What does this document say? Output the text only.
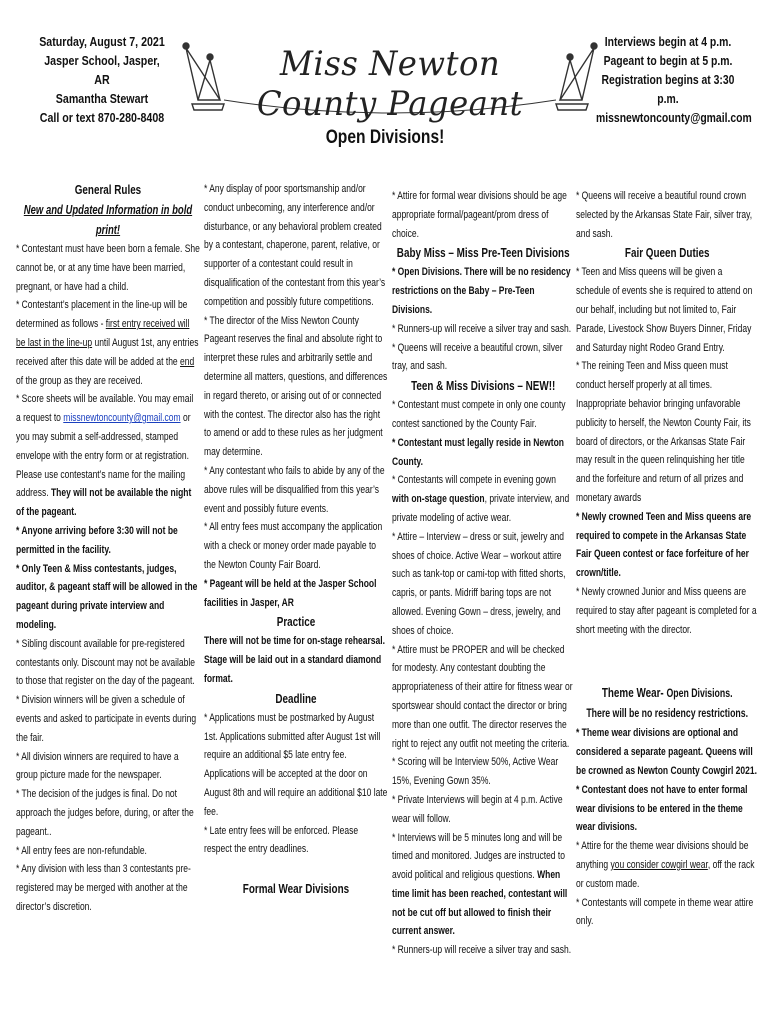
Saturday, August 7, 2021
Jasper School, Jasper, AR
Samantha Stewart
Call or text 870-280-8408
Miss Newton County Pageant
Interviews begin at 4 p.m.
Pageant to begin at 5 p.m.
Registration begins at 3:30 p.m.
missnewtoncounty@gmail.com
Open Divisions!
General Rules
New and Updated Information in bold print!

* Contestant must have been born a female. She cannot be, or at any time have been married, pregnant, or have had a child.

* Contestant’s placement in the line-up will be determined as follows - first entry received will be last in the line-up until August 1st, any entries received after this date will be added at the end of the group as they are received.

* Score sheets will be available. You may email a request to missnewtoncounty@gmail.com or you may submit a self-addressed, stamped envelope with the entry form or at registration. Please use contestant’s name for the mailing address. They will not be available the night of the pageant.

* Anyone arriving before 3:30 will not be permitted in the facility.

* Only Teen & Miss contestants, judges, auditor, & pageant staff will be allowed in the pageant during private interview and modeling.

* Sibling discount available for pre-registered contestants only. Discount may not be available to those that register on the day of the pageant.

* Division winners will be given a schedule of events and asked to participate in events during the fair.

* All division winners are required to have a group picture made for the newspaper.

* The decision of the judges is final. Do not approach the judges before, during, or after the pageant..

* All entry fees are non-refundable.

* Any division with less than 3 contestants pre-registered may be merged with another at the director’s discretion.

* Any display of poor sportsmanship and/or conduct unbecoming, any interference and/or disturbance, or any behavioral problem created by a contestant, chaperone, parent, relative, or supporter of a contestant could result in disqualification of the contestant from this year’s competition and possibly future competitions.

* The director of the Miss Newton County Pageant reserves the final and absolute right to interpret these rules and arbitrarily settle and determine all matters, questions, and differences in regard thereto, or arising out of or connected with the contest. The director also has the right to amend or add to these rules as her judgment may determine.

* Any contestant who fails to abide by any of the above rules will be disqualified from this year’s event and possibly future events.

* All entry fees must accompany the application with a check or money order made payable to the Newton County Fair Board.

* Pageant will be held at the Jasper School facilities in Jasper, AR

Practice

There will not be time for on-stage rehearsal. Stage will be laid out in a standard diamond format.

Deadline

* Applications must be postmarked by August 1st. Applications submitted after August 1st will require an additional $5 late entry fee. Applications will be accepted at the door on August 8th and will require an additional $10 late fee.

* Late entry fees will be enforced. Please respect the entry deadlines.

Formal Wear Divisions

* Attire for formal wear divisions should be age appropriate formal/pageant/prom dress of choice.

Baby Miss – Miss Pre-Teen Divisions

* Open Divisions. There will be no residency restrictions on the Baby – Pre-Teen Divisions.

* Runners-up will receive a silver tray and sash.

* Queens will receive a beautiful crown, silver tray, and sash.

Teen & Miss Divisions – NEW!!

* Contestant must compete in only one county contest sanctioned by the County Fair.

* Contestant must legally reside in Newton County.

* Contestants will compete in evening gown with on-stage question, private interview, and private modeling of active wear.

* Attire – Interview – dress or suit, jewelry and shoes of choice. Active Wear – workout attire such as tank-top or cami-top with fitted shorts, capris, or pants. Midriff baring tops are not allowed. Evening Gown – dress, jewelry, and shoes of choice.

* Attire must be PROPER and will be checked for modesty. Any contestant doubting the appropriateness of their attire for fitness wear or sportswear should contact the director or bring more than one outfit. The director reserves the right to reject any outfit not meeting the criteria.

* Scoring will be Interview 50%, Active Wear 15%, Evening Gown 35%.

* Private Interviews will begin at 4 p.m. Active wear will follow.

* Interviews will be 5 minutes long and will be timed and monitored. Judges are instructed to avoid political and religious questions. When time limit has been reached, contestant will not be cut off but allowed to finish their current answer.

* Runners-up will receive a silver tray and sash.

* Queens will receive a beautiful round crown selected by the Arkansas State Fair, silver tray, and sash.

Fair Queen Duties

* Teen and Miss queens will be given a schedule of events she is required to attend on our behalf, including but not limited to, Fair Parade, Livestock Show Buyers Dinner, Friday and Saturday night Rodeo Grand Entry.

* The reining Teen and Miss queen must conduct herself properly at all times. Inappropriate behavior bringing unfavorable publicity to herself, the Newton County Fair, its board of directors, or the Arkansas State Fair may result in the queen relinquishing her title and the forfeiture and return of all prizes and monetary awards

* Newly crowned Teen and Miss queens are required to compete in the Arkansas State Fair Queen contest or face forfeiture of her crown/title.

* Newly crowned Junior and Miss queens are required to stay after pageant is completed for a short meeting with the director.

Theme Wear- Open Divisions.
There will be no residency restrictions.

* Theme wear divisions are optional and considered a separate pageant. Queens will be crowned as Newton County Cowgirl 2021.

* Contestant does not have to enter formal wear divisions to be entered in the theme wear divisions.

* Attire for the theme wear divisions should be anything you consider cowgirl wear, off the rack or custom made.

* Contestants will compete in theme wear attire only.
